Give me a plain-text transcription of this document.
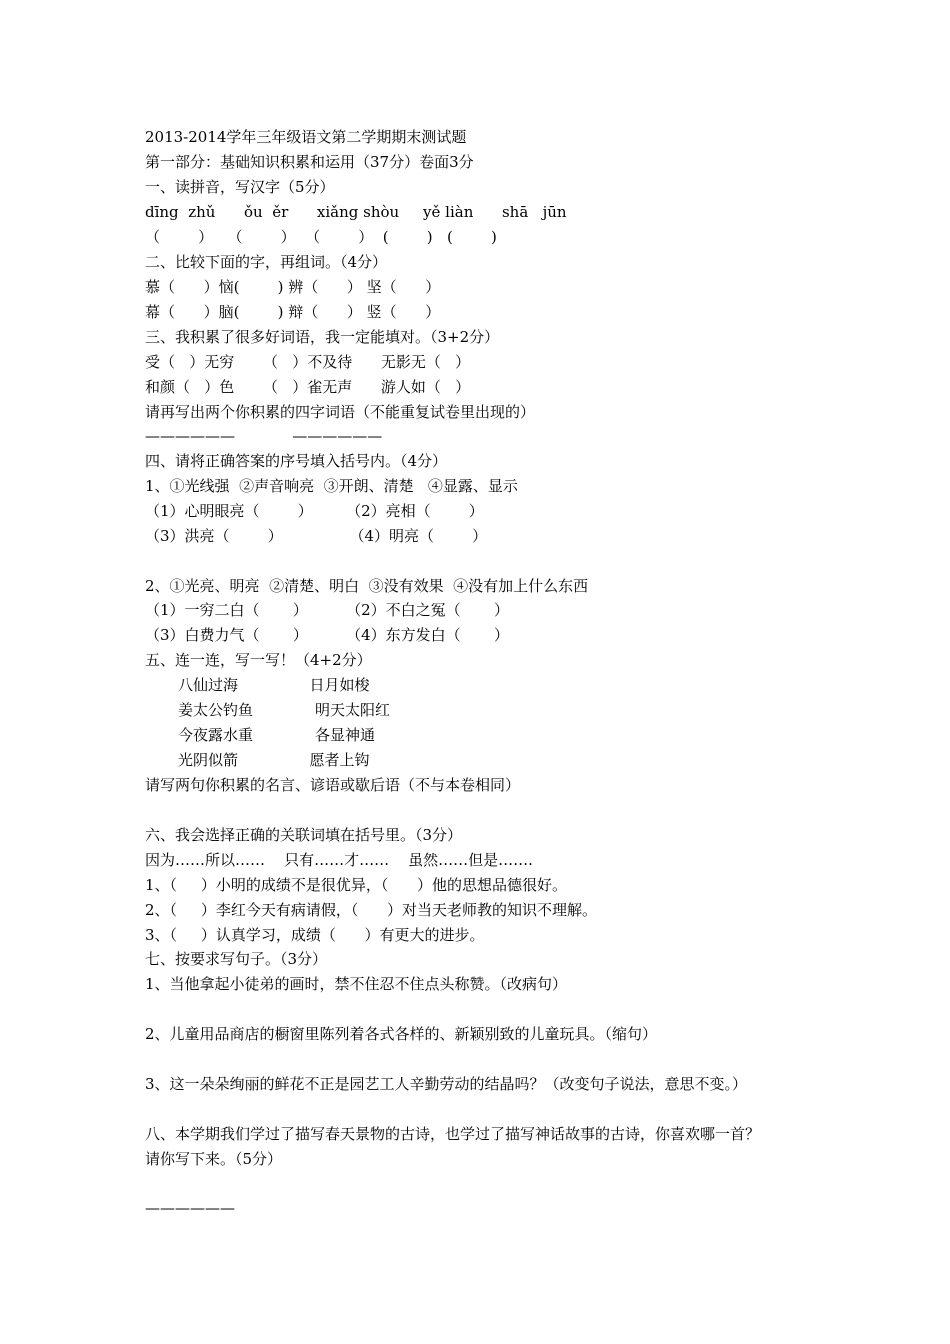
2013-2014学年三年级语文第二学期期末测试题
第一部分：基础知识积累和运用（37分）卷面3分
一、读拼音，写汉字（5分）
dīng  zhǔ      ǒu  ěr      xiǎng shòu     yě liàn      shā   jūn
（        ）   （        ）  （        ）  (        )   (        )
二、比较下面的字，再组词。（4分）
慕（      ）恼(        ) 辨（      ） 坚（      ）
幕（      ）脑(        ) 辩（      ） 竖（      ）
三、我积累了很多好词语，我一定能填对。（3+2分）
受（   ）无穷      （   ）不及待      无影无（   ）
和颜（   ）色      （   ）雀无声      游人如（   ）
请再写出两个你积累的四字词语（不能重复试卷里出现的）
——————            ——————
四、请将正确答案的序号填入括号内。（4分）
1、①光线强  ②声音响亮  ③开朗、清楚   ④显露、显示
（1）心明眼亮（        ）       （2）亮相（        ）
（3）洪亮（        ）              （4）明亮（        ）
2、①光亮、明亮  ②清楚、明白  ③没有效果  ④没有加上什么东西
（1）一穷二白（       ）        （2）不白之冤（       ）
（3）白费力气（       ）        （4）东方发白（       ）
五、连一连，写一写！（4+2分）
八仙过海               日月如梭
姜太公钓鱼             明天太阳红
今夜露水重             各显神通
光阴似箭               愿者上钩
请写两句你积累的名言、谚语或歇后语（不与本卷相同）
六、我会选择正确的关联词填在括号里。（3分）
因为……所以……    只有……才……    虽然……但是…….
1、（     ）小明的成绩不是很优异，（      ）他的思想品德很好。
2、（     ）李红今天有病请假，（      ）对当天老师教的知识不理解。
3、（     ）认真学习，成绩（      ）有更大的进步。
七、按要求写句子。（3分）
1、当他拿起小徒弟的画时，禁不住忍不住点头称赞。（改病句）
2、儿童用品商店的橱窗里陈列着各式各样的、新颖别致的儿童玩具。（缩句）
3、这一朵朵绚丽的鲜花不正是园艺工人辛勤劳动的结晶吗？（改变句子说法，意思不变。）
八、本学期我们学过了描写春天景物的古诗，也学过了描写神话故事的古诗，你喜欢哪一首？
请你写下来。（5分）
——————
